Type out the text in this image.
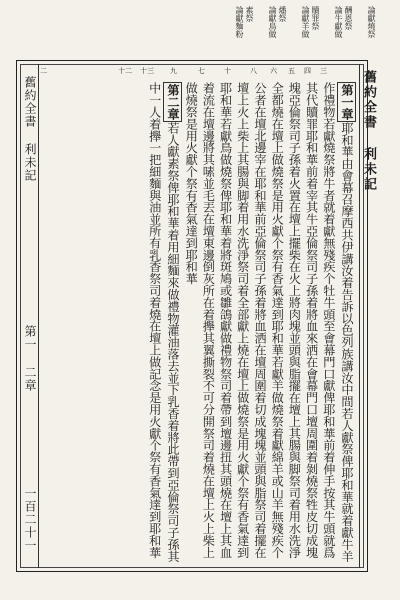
論獻燒祭
酬恩祭
論牛獻做
贖罪祭
論獻羊做
燔祭
論獻鳥做
素祭
論獻麵粉
二	十二 十三 九	七	十	八 六 五 四 三	舊約全書 利未記

第一章耶和華由會幕召摩西共伊講汝着告訴以色列族講汝中間若人獻祭俾耶和華就着獻牛羊作禮物若獻燒祭將牛者就着獻無殘疾个牡牛頭至會幕門口獻俾耶和華前着伸手按其牛頭就爲其代贖罪耶和華前着宰其牛亞倫祭司子孫着將血來洒在會幕門口壇周圍着剝燒祭牲皮切成塊塊亞倫祭司子孫着火置在壇上擺柴在火上將肉塊並頭與脂擺在壇上其腸與脚祭司着用水洗淨全都燒在壇上做燒祭是用火獻个祭有香氣達到耶和華若獻羊做燒祭着獻綿羊或山羊無殘疾个公者在壇北邊宰在耶和華前亞倫祭司子孫着將血洒在壇周圍着切成塊塊並頭與脂祭司着擺在壇上火上柴上其腸與脚着用水洗淨祭司着全部獻上燒在壇上做燒祭是用火獻个祭有香氣達到耶和華若獻鳥做燒祭俾耶和華着將斑鳩或雛鴿獻做禮物祭司着帶到壇邊扭其頭燒在壇上其血着流在壇邊將其嗉並毛丟在壇東邊倒灰所在着攑其翼撕裂不可分開祭司着燒在壇上火上柴上做燒祭是用火獻个祭有香氣達到耶和華

第二章若人獻素祭俾耶和華着用細麵來做禮物灌油落去並下乳香着將此帶到亞倫祭司子孫其中一人着攑一把細麵與油並所有乳香祭司着燒在壇上做記念是用火獻个祭有香氣達到耶和華

舊約全書 利未記 第一 二章
一百二十一
